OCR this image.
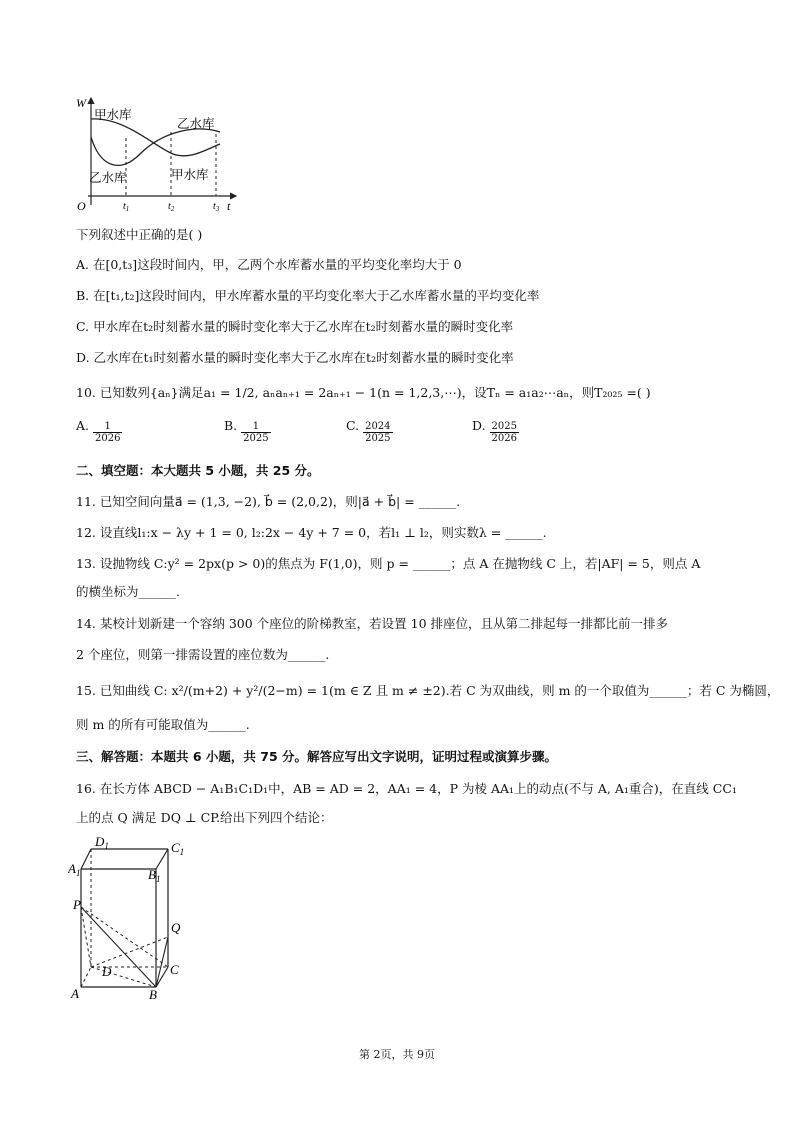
W
O	t
$t_1$	$t_2$	$t_3$
甲水库
乙水库
乙水库	甲水库
下列叙述中正确的是( )
A. 在[0,t₃]这段时间内，甲，乙两个水库蓄水量的平均变化率均大于 0
B. 在[t₁,t₂]这段时间内，甲水库蓄水量的平均变化率大于乙水库蓄水量的平均变化率
C. 甲水库在t₂时刻蓄水量的瞬时变化率大于乙水库在t₂时刻蓄水量的瞬时变化率
D. 乙水库在t₁时刻蓄水量的瞬时变化率大于乙水库在t₂时刻蓄水量的瞬时变化率
10. 已知数列{aₙ}满足a₁ = 1/2, aₙaₙ₊₁ = 2aₙ₊₁ − 1(n = 1,2,3,⋯)，设Tₙ = a₁a₂⋯aₙ，则T₂₀₂₅ =( )
A. $\frac{1}{2026}$	B. $\frac{1}{2025}$	C. $\frac{2024}{2025}$	D. $\frac{2025}{2026}$
二、填空题：本大题共 5 小题，共 25 分。
11. 已知空间向量a⃗ = (1,3, −2), b⃗ = (2,0,2)，则|a⃗ + b⃗| = ______.
12. 设直线l₁:x − λy + 1 = 0, l₂:2x − 4y + 7 = 0，若l₁ ⊥ l₂，则实数λ = ______.
13. 设抛物线 C:y² = 2px(p > 0)的焦点为 F(1,0)，则 p = ______；点 A 在抛物线 C 上，若|AF| = 5，则点 A
的横坐标为______.
14. 某校计划新建一个容纳 300 个座位的阶梯教室，若设置 10 排座位，且从第二排起每一排都比前一排多
2 个座位，则第一排需设置的座位数为______.
15. 已知曲线 C: x²/(m+2) + y²/(2−m) = 1(m ∈ Z 且 m ≠ ±2).若 C 为双曲线，则 m 的一个取值为______；若 C 为椭圆，
则 m 的所有可能取值为______.
三、解答题：本题共 6 小题，共 75 分。解答应写出文字说明，证明过程或演算步骤。
16. 在长方体 ABCD − A₁B₁C₁D₁中，AB = AD = 2，AA₁ = 4，P 为棱 AA₁上的动点(不与 A, A₁重合)，在直线 CC₁
上的点 Q 满足 DQ ⊥ CP.给出下列四个结论：
$D_1$	$C_1$
$A_1$	$B_1$
P
Q
D	C
A	B
第 2页，共 9页
